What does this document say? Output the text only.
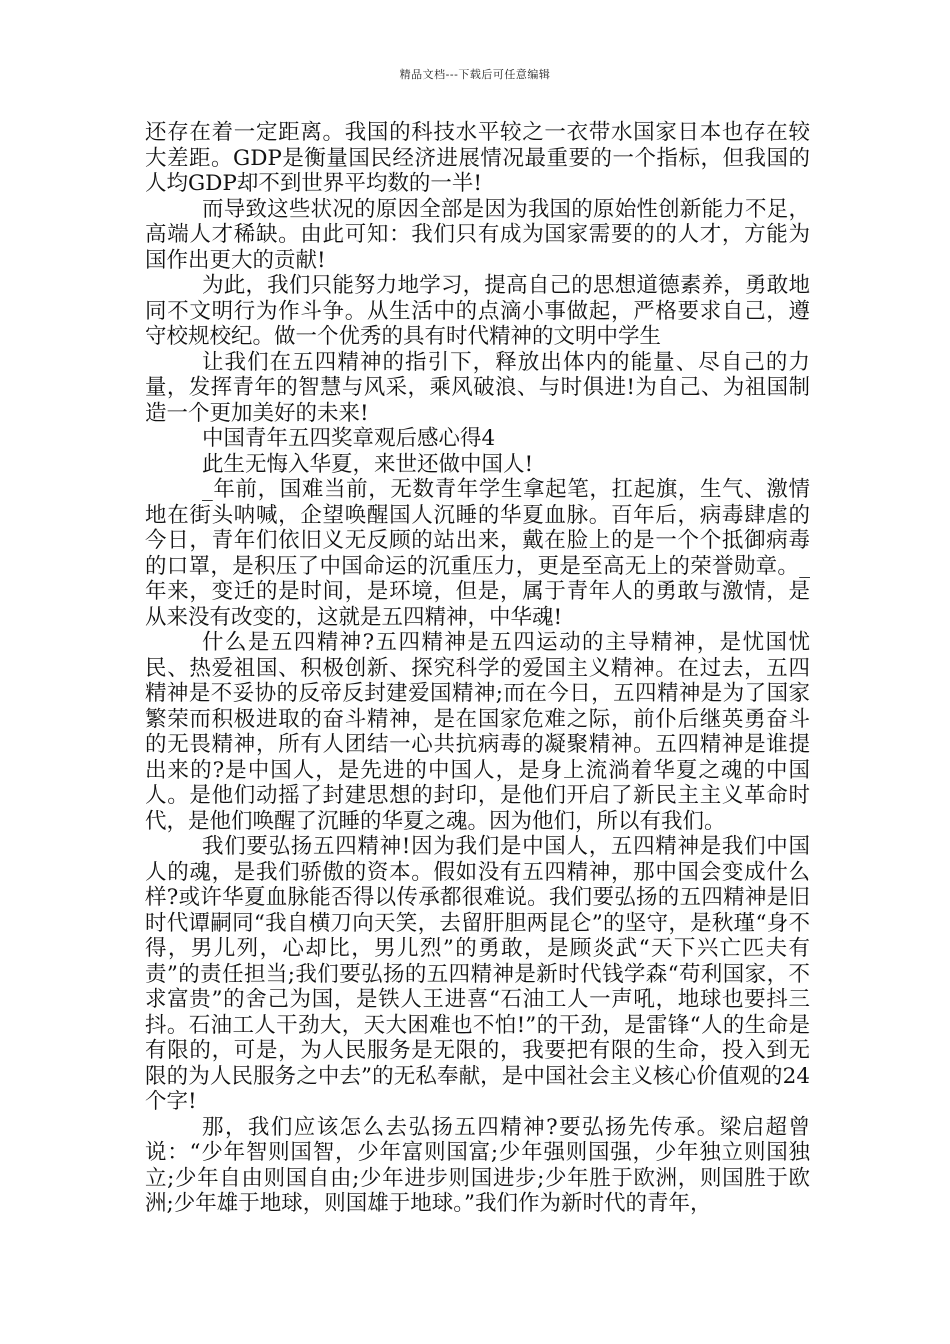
精品文档---下载后可任意编辑

还存在着一定距离。我国的科技水平较之一衣带水国家日本也存在较大差距。GDP是衡量国民经济进展情况最重要的一个指标，但我国的人均GDP却不到世界平均数的一半!

而导致这些状况的原因全部是因为我国的原始性创新能力不足，高端人才稀缺。由此可知：我们只有成为国家需要的的人才，方能为国作出更大的贡献!

为此，我们只能努力地学习，提高自己的思想道德素养，勇敢地同不文明行为作斗争。从生活中的点滴小事做起，严格要求自己，遵守校规校纪。做一个优秀的具有时代精神的文明中学生

让我们在五四精神的指引下，释放出体内的能量、尽自己的力量，发挥青年的智慧与风采，乘风破浪、与时俱进!为自己、为祖国制造一个更加美好的未来!

中国青年五四奖章观后感心得4

此生无悔入华夏，来世还做中国人!

_年前，国难当前，无数青年学生拿起笔，扛起旗，生气、激情地在街头呐喊，企望唤醒国人沉睡的华夏血脉。百年后，病毒肆虐的今日，青年们依旧义无反顾的站出来，戴在脸上的是一个个抵御病毒的口罩，是积压了中国命运的沉重压力，更是至高无上的荣誉勋章。_年来，变迁的是时间，是环境，但是，属于青年人的勇敢与激情，是从来没有改变的，这就是五四精神，中华魂!

什么是五四精神?五四精神是五四运动的主导精神，是忧国忧民、热爱祖国、积极创新、探究科学的爱国主义精神。在过去，五四精神是不妥协的反帝反封建爱国精神;而在今日，五四精神是为了国家繁荣而积极进取的奋斗精神，是在国家危难之际，前仆后继英勇奋斗的无畏精神，所有人团结一心共抗病毒的凝聚精神。五四精神是谁提出来的?是中国人，是先进的中国人，是身上流淌着华夏之魂的中国人。是他们动摇了封建思想的封印，是他们开启了新民主主义革命时代，是他们唤醒了沉睡的华夏之魂。因为他们，所以有我们。

我们要弘扬五四精神!因为我们是中国人，五四精神是我们中国人的魂，是我们骄傲的资本。假如没有五四精神，那中国会变成什么样?或许华夏血脉能否得以传承都很难说。我们要弘扬的五四精神是旧时代谭嗣同“我自横刀向天笑，去留肝胆两昆仑”的坚守，是秋瑾“身不得，男儿列，心却比，男儿烈”的勇敢，是顾炎武“天下兴亡匹夫有责”的责任担当;我们要弘扬的五四精神是新时代钱学森“苟利国家，不求富贵”的舍己为国，是铁人王进喜“石油工人一声吼，地球也要抖三抖。石油工人干劲大，天大困难也不怕!”的干劲，是雷锋“人的生命是有限的，可是，为人民服务是无限的，我要把有限的生命，投入到无限的为人民服务之中去”的无私奉献，是中国社会主义核心价值观的24个字!

那，我们应该怎么去弘扬五四精神?要弘扬先传承。梁启超曾说：“少年智则国智，少年富则国富;少年强则国强，少年独立则国独立;少年自由则国自由;少年进步则国进步;少年胜于欧洲，则国胜于欧洲;少年雄于地球，则国雄于地球。”我们作为新时代的青年，
